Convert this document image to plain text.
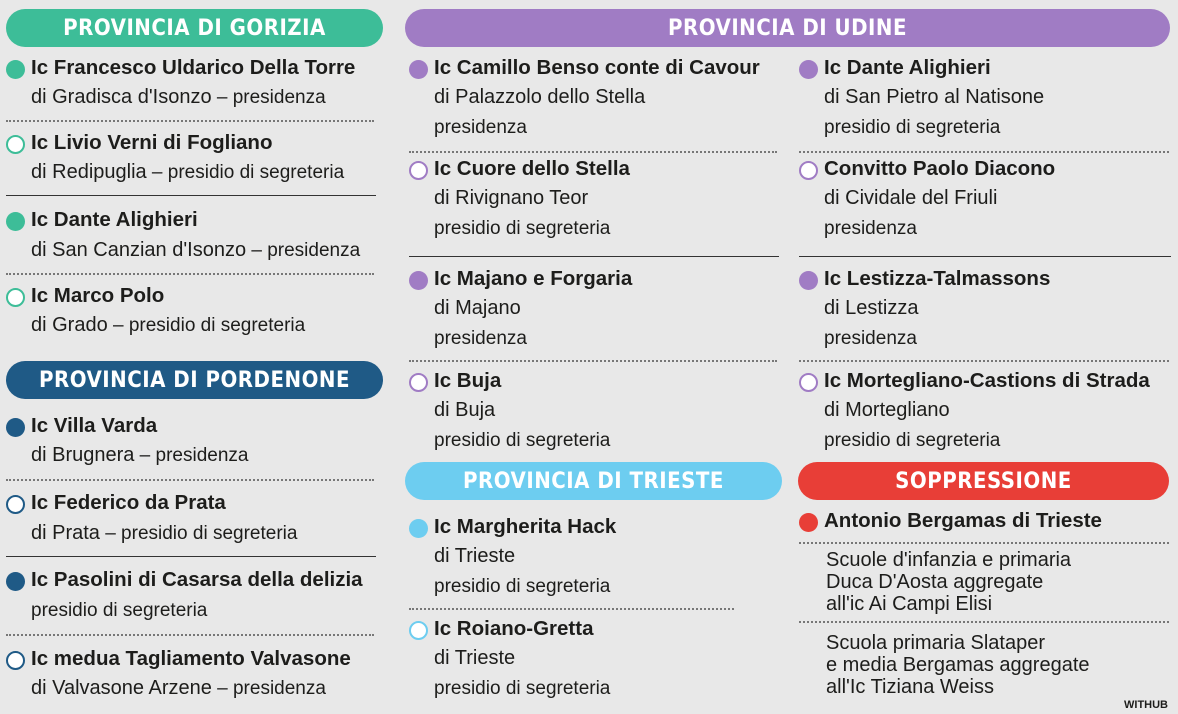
PROVINCIA DI GORIZIA
Ic Francesco Uldarico Della Torre
di Gradisca d'Isonzo – presidenza
Ic Livio Verni di Fogliano
di Redipuglia – presidio di segreteria
Ic Dante Alighieri
di San Canzian d'Isonzo – presidenza
Ic Marco Polo
di Grado – presidio di segreteria
PROVINCIA DI PORDENONE
Ic Villa Varda
di Brugnera – presidenza
Ic Federico da Prata
di Prata – presidio di segreteria
Ic Pasolini di Casarsa della delizia
presidio di segreteria
Ic medua Tagliamento Valvasone
di Valvasone Arzene – presidenza
PROVINCIA DI UDINE
Ic Camillo Benso conte di Cavour
di Palazzolo dello Stella
presidenza
Ic Cuore dello Stella
di Rivignano Teor
presidio di segreteria
Ic Majano e Forgaria
di Majano
presidenza
Ic Buja
di Buja
presidio di segreteria
Ic Dante Alighieri
di San Pietro al Natisone
presidio di segreteria
Convitto Paolo Diacono
di Cividale del Friuli
presidenza
Ic Lestizza-Talmassons
di Lestizza
presidenza
Ic Mortegliano-Castions di Strada
di Mortegliano
presidio di segreteria
PROVINCIA DI TRIESTE
Ic Margherita Hack
di Trieste
presidio di segreteria
Ic Roiano-Gretta
di Trieste
presidio di segreteria
SOPPRESSIONE
Antonio Bergamas di Trieste
Scuole d'infanzia e primaria
Duca D'Aosta aggregate
all'ic Ai Campi Elisi
Scuola primaria Slataper
e media Bergamas aggregate
all'Ic Tiziana Weiss
WITHUB
